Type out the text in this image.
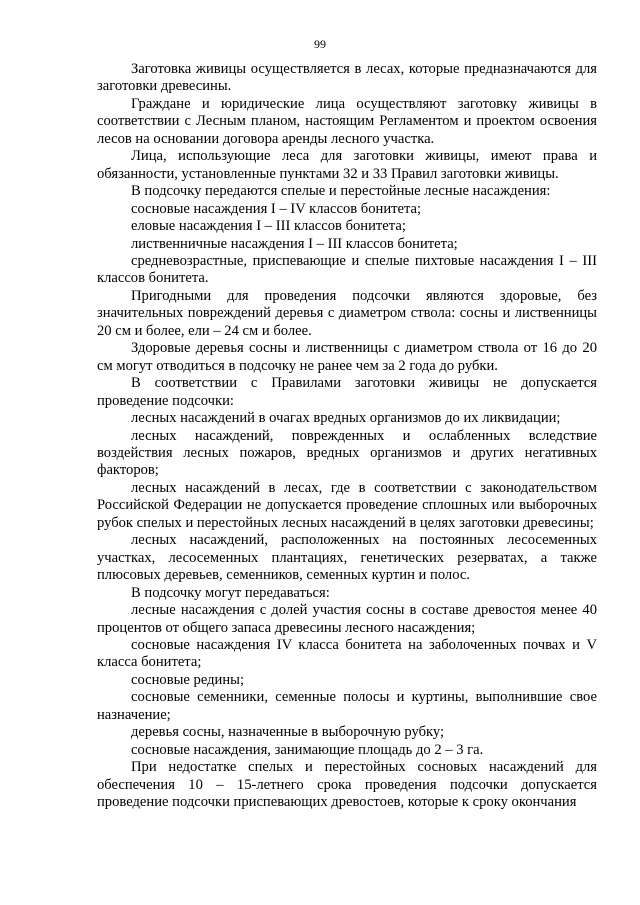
99

Заготовка живицы осуществляется в лесах, которые предназначаются для заготовки древесины.

Граждане и юридические лица осуществляют заготовку живицы в соответствии с Лесным планом, настоящим Регламентом и проектом освоения лесов на основании договора аренды лесного участка.

Лица, использующие леса для заготовки живицы, имеют права и обязанности, установленные пунктами 32 и 33 Правил заготовки живицы.

В подсочку передаются спелые и перестойные лесные насаждения:

сосновые насаждения I – IV классов бонитета;

еловые насаждения I – III классов бонитета;

лиственничные насаждения I – III классов бонитета;

средневозрастные, приспевающие и спелые пихтовые насаждения I – III классов бонитета.

Пригодными для проведения подсочки являются здоровые, без значительных повреждений деревья с диаметром ствола: сосны и лиственницы 20 см и более, ели – 24 см и более.

Здоровые деревья сосны и лиственницы с диаметром ствола от 16 до 20 см могут отводиться в подсочку не ранее чем за 2 года до рубки.

В соответствии с Правилами заготовки живицы не допускается проведение подсочки:

лесных насаждений в очагах вредных организмов до их ликвидации;

лесных насаждений, поврежденных и ослабленных вследствие воздействия лесных пожаров, вредных организмов и других негативных факторов;

лесных насаждений в лесах, где в соответствии с законодательством Российской Федерации не допускается проведение сплошных или выборочных рубок спелых и перестойных лесных насаждений в целях заготовки древесины;

лесных насаждений, расположенных на постоянных лесосеменных участках, лесосеменных плантациях, генетических резерватах, а также плюсовых деревьев, семенников, семенных куртин и полос.

В подсочку могут передаваться:

лесные насаждения с долей участия сосны в составе древостоя менее 40 процентов от общего запаса древесины лесного насаждения;

сосновые насаждения IV класса бонитета на заболоченных почвах и V класса бонитета;

сосновые редины;

сосновые семенники, семенные полосы и куртины, выполнившие свое назначение;

деревья сосны, назначенные в выборочную рубку;

сосновые насаждения, занимающие площадь до 2 – 3 га.

При недостатке спелых и перестойных сосновых насаждений для обеспечения 10 – 15-летнего срока проведения подсочки допускается проведение подсочки приспевающих древостоев, которые к сроку окончания
